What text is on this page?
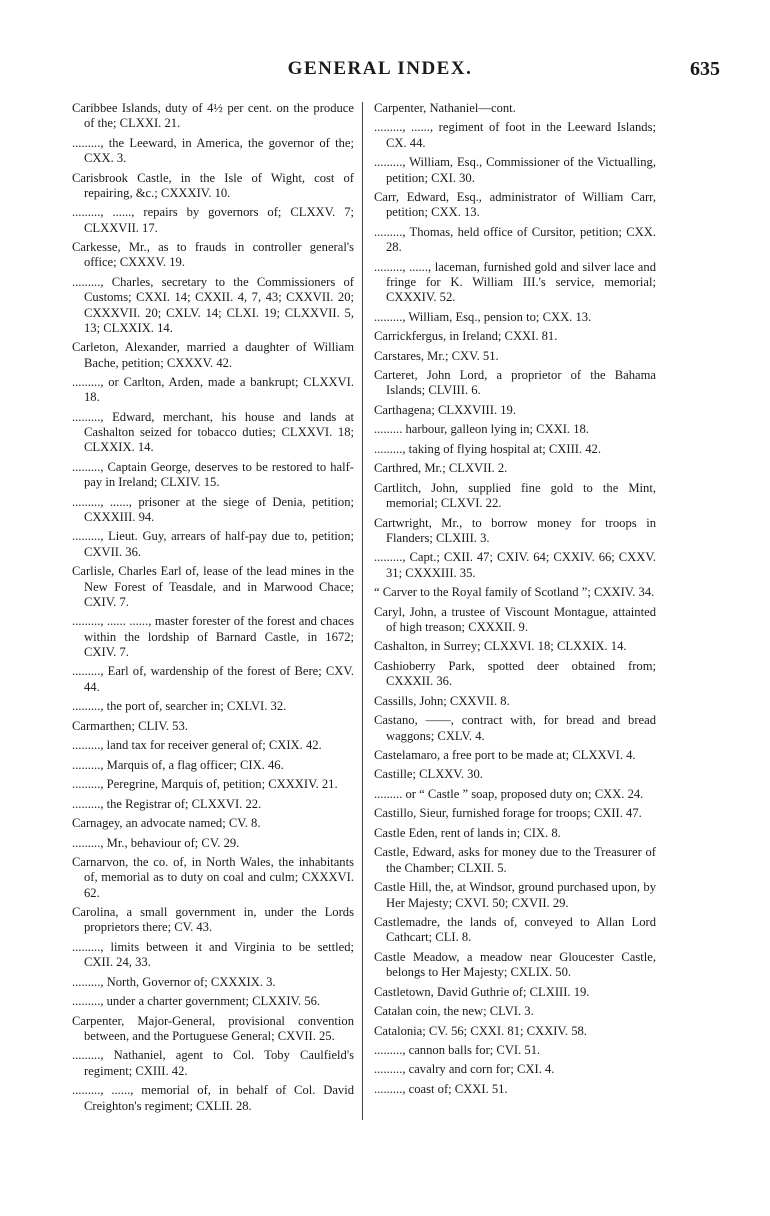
GENERAL INDEX.	635

Caribbee Islands, duty of 4½ per cent. on the produce of the; CLXXI. 21.

........., the Leeward, in America, the governor of the; CXX. 3.

Carisbrook Castle, in the Isle of Wight, cost of repairing, &c.; CXXXIV. 10.

........., ......, repairs by governors of; CLXXV. 7; CLXXVII. 17.

Carkesse, Mr., as to frauds in controller general's office; CXXXV. 19.

........., Charles, secretary to the Commissioners of Customs; CXXI. 14; CXXII. 4, 7, 43; CXXVII. 20; CXXXVII. 20; CXLV. 14; CLXI. 19; CLXXVII. 5, 13; CLXXIX. 14.

Carleton, Alexander, married a daughter of William Bache, petition; CXXXV. 42.

........., or Carlton, Arden, made a bankrupt; CLXXVI. 18.

........., Edward, merchant, his house and lands at Cashalton seized for tobacco duties; CLXXVI. 18; CLXXIX. 14.

........., Captain George, deserves to be restored to half-pay in Ireland; CLXIV. 15.

........., ......, prisoner at the siege of Denia, petition; CXXXIII. 94.

........., Lieut. Guy, arrears of half-pay due to, petition; CXVII. 36.

Carlisle, Charles Earl of, lease of the lead mines in the New Forest of Teasdale, and in Marwood Chace; CXIV. 7.

........., ...... ......, master forester of the forest and chaces within the lordship of Barnard Castle, in 1672; CXIV. 7.

........., Earl of, wardenship of the forest of Bere; CXV. 44.

........., the port of, searcher in; CXLVI. 32.

Carmarthen; CLIV. 53.

........., land tax for receiver general of; CXIX. 42.

........., Marquis of, a flag officer; CIX. 46.

........., Peregrine, Marquis of, petition; CXXXIV. 21.

........., the Registrar of; CLXXVI. 22.

Carnagey, an advocate named; CV. 8.

........., Mr., behaviour of; CV. 29.

Carnarvon, the co. of, in North Wales, the inhabitants of, memorial as to duty on coal and culm; CXXXVI. 62.

Carolina, a small government in, under the Lords proprietors there; CV. 43.

........., limits between it and Virginia to be settled; CXII. 24, 33.

........., North, Governor of; CXXXIX. 3.

........., under a charter government; CLXXIV. 56.

Carpenter, Major-General, provisional convention between, and the Portuguese General; CXVII. 25.

........., Nathaniel, agent to Col. Toby Caulfield's regiment; CXIII. 42.

........., ......, memorial of, in behalf of Col. David Creighton's regiment; CXLII. 28.

Carpenter, Nathaniel—cont.

........., ......, regiment of foot in the Leeward Islands; CX. 44.

........., William, Esq., Commissioner of the Victualling, petition; CXI. 30.

Carr, Edward, Esq., administrator of William Carr, petition; CXX. 13.

........., Thomas, held office of Cursitor, petition; CXX. 28.

........., ......, laceman, furnished gold and silver lace and fringe for K. William III.'s service, memorial; CXXXIV. 52.

........., William, Esq., pension to; CXX. 13.

Carrickfergus, in Ireland; CXXI. 81.

Carstares, Mr.; CXV. 51.

Carteret, John Lord, a proprietor of the Bahama Islands; CLVIII. 6.

Carthagena; CLXXVIII. 19.

......... harbour, galleon lying in; CXXI. 18.

........., taking of flying hospital at; CXIII. 42.

Carthred, Mr.; CLXVII. 2.

Cartlitch, John, supplied fine gold to the Mint, memorial; CLXVI. 22.

Cartwright, Mr., to borrow money for troops in Flanders; CLXIII. 3.

........., Capt.; CXII. 47; CXIV. 64; CXXIV. 66; CXXV. 31; CXXXIII. 35.

“ Carver to the Royal family of Scotland ”; CXXIV. 34.

Caryl, John, a trustee of Viscount Montague, attainted of high treason; CXXXII. 9.

Cashalton, in Surrey; CLXXVI. 18; CLXXIX. 14.

Cashioberry Park, spotted deer obtained from; CXXXII. 36.

Cassills, John; CXXVII. 8.

Castano, ——, contract with, for bread and bread waggons; CXLV. 4.

Castelamaro, a free port to be made at; CLXXVI. 4.

Castille; CLXXV. 30.

......... or “ Castle ” soap, proposed duty on; CXX. 24.

Castillo, Sieur, furnished forage for troops; CXII. 47.

Castle Eden, rent of lands in; CIX. 8.

Castle, Edward, asks for money due to the Treasurer of the Chamber; CLXII. 5.

Castle Hill, the, at Windsor, ground purchased upon, by Her Majesty; CXVI. 50; CXVII. 29.

Castlemadre, the lands of, conveyed to Allan Lord Cathcart; CLI. 8.

Castle Meadow, a meadow near Gloucester Castle, belongs to Her Majesty; CXLIX. 50.

Castletown, David Guthrie of; CLXIII. 19.

Catalan coin, the new; CLVI. 3.

Catalonia; CV. 56; CXXI. 81; CXXIV. 58.

........., cannon balls for; CVI. 51.

........., cavalry and corn for; CXI. 4.

........., coast of; CXXI. 51.
